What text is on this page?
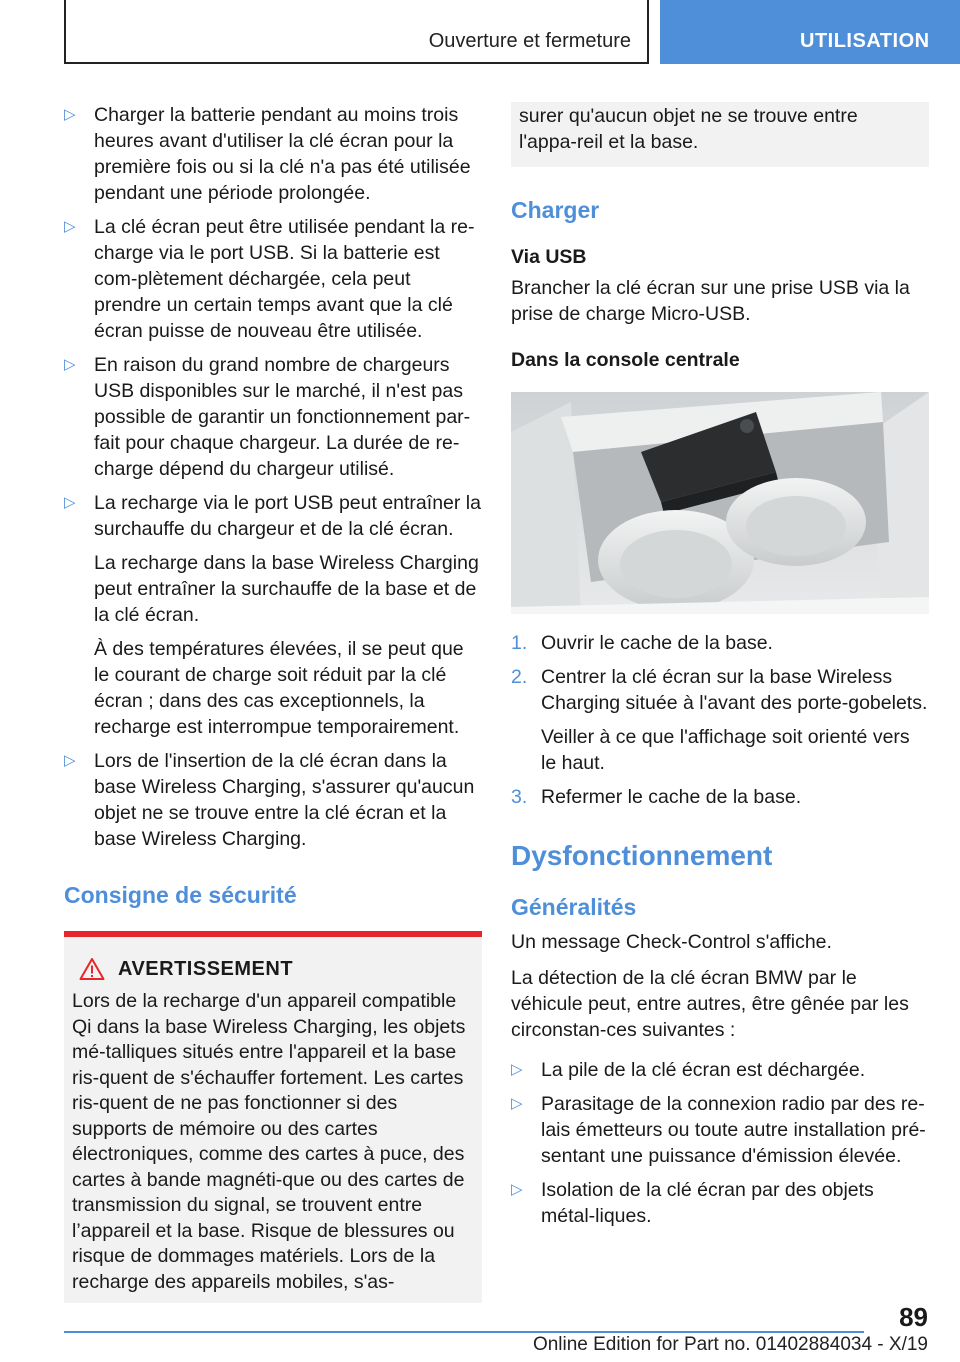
Ouverture et fermeture	UTILISATION
▷ Charger la batterie pendant au moins trois heures avant d'utiliser la clé écran pour la première fois ou si la clé n'a pas été utilisée pendant une période prolongée.

▷ La clé écran peut être utilisée pendant la re‐charge via le port USB. Si la batterie est com‐plètement déchargée, cela peut prendre un certain temps avant que la clé écran puisse de nouveau être utilisée.

▷ En raison du grand nombre de chargeurs USB disponibles sur le marché, il n'est pas possible de garantir un fonctionnement par‐fait pour chaque chargeur. La durée de re‐charge dépend du chargeur utilisé.

▷ La recharge via le port USB peut entraîner la surchauffe du chargeur et de la clé écran.

La recharge dans la base Wireless Charging peut entraîner la surchauffe de la base et de la clé écran.

À des températures élevées, il se peut que le courant de charge soit réduit par la clé écran ; dans des cas exceptionnels, la recharge est interrompue temporairement.

▷ Lors de l'insertion de la clé écran dans la base Wireless Charging, s'assurer qu'aucun objet ne se trouve entre la clé écran et la base Wireless Charging.

Consigne de sécurité
AVERTISSEMENT
Lors de la recharge d'un appareil compatible Qi dans la base Wireless Charging, les objets mé‐talliques situés entre l'appareil et la base ris‐quent de s'échauffer fortement. Les cartes ris‐quent de ne pas fonctionner si des supports de mémoire ou des cartes électroniques, comme des cartes à puce, des cartes à bande magnéti‐que ou des cartes de transmission du signal, se trouvent entre l’appareil et la base. Risque de blessures ou risque de dommages matériels. Lors de la recharge des appareils mobiles, s'as‐
surer qu'aucun objet ne se trouve entre l'appa‐reil et la base.
Charger
Via USB
Brancher la clé écran sur une prise USB via la prise de charge Micro-USB.
Dans la console centrale
1. Ouvrir le cache de la base.

2. Centrer la clé écran sur la base Wireless Charging située à l'avant des porte-gobelets.

Veiller à ce que l'affichage soit orienté vers le haut.

3. Refermer le cache de la base.

Dysfonctionnement
Généralités
Un message Check-Control s'affiche.
La détection de la clé écran BMW par le véhicule peut, entre autres, être gênée par les circonstan‐ces suivantes :
▷ La pile de la clé écran est déchargée.

▷ Parasitage de la connexion radio par des re‐lais émetteurs ou toute autre installation pré‐sentant une puissance d'émission élevée.

▷ Isolation de la clé écran par des objets métal‐liques.

89
Online Edition for Part no. 01402884034 - X/19
